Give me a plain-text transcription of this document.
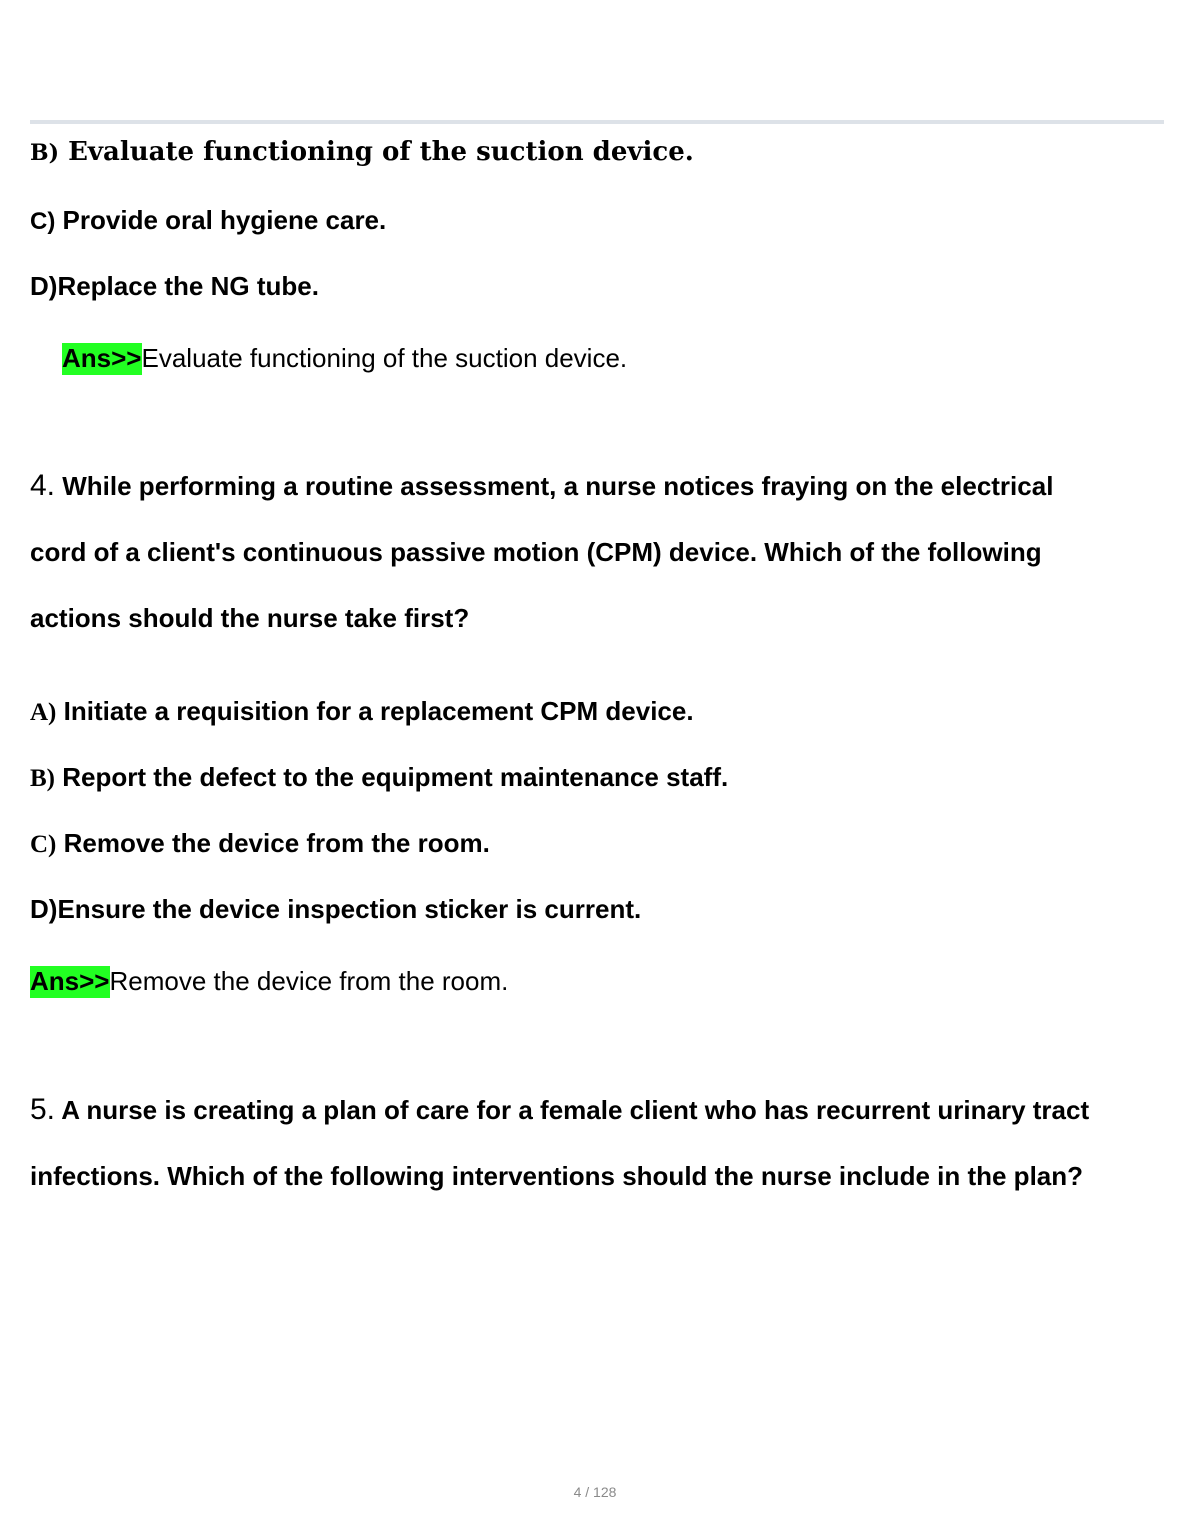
B) Evaluate functioning of the suction device.
C) Provide oral hygiene care.
D)Replace the NG tube.
Ans>>Evaluate functioning of the suction device.
4. While performing a routine assessment, a nurse notices fraying on the electrical
cord of a client's continuous passive motion (CPM) device. Which of the following
actions should the nurse take first?
A) Initiate a requisition for a replacement CPM device.
B) Report the defect to the equipment maintenance staff.
C) Remove the device from the room.
D)Ensure the device inspection sticker is current.
Ans>>Remove the device from the room.
5. A nurse is creating a plan of care for a female client who has recurrent urinary tract
infections. Which of the following interventions should the nurse include in the plan?
4 / 128
